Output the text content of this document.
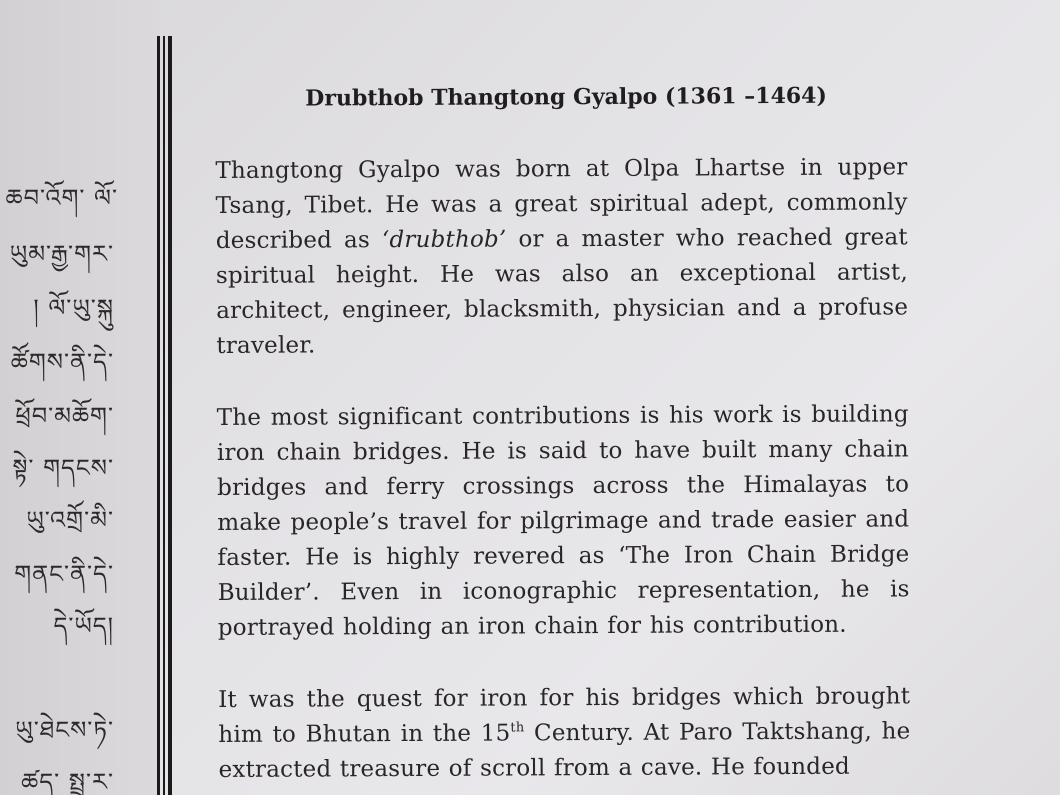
ཆབ་འོག་ ལོ་
ཡུམ་རྒྱ་གར་
། ལོ་ཡུ་སྐུ
ཚོགས་ནི་དེ་
ཕྲོབ་མཆོག་
སྟེ་ གདངས་
ཡུ་འགྲོ་མི་
གནང་ནི་དེ་
དེ་ཡོད།
ཡུ་ཐེངས་ཏེ་
ཚད་ སྤྲུ་ར་
Drubthob Thangtong Gyalpo (1361 –1464)

Thangtong Gyalpo was born at Olpa Lhartse in upper Tsang, Tibet. He was a great spiritual adept, commonly described as ‘drubthob’ or a master who reached great spiritual height. He was also an exceptional artist, architect, engineer, blacksmith, physician and a profuse traveler.

The most significant contributions is his work is building iron chain bridges. He is said to have built many chain bridges and ferry crossings across the Himalayas to make people’s travel for pilgrimage and trade easier and faster. He is highly revered as ‘The Iron Chain Bridge Builder’. Even in iconographic representation, he is portrayed holding an iron chain for his contribution.

It was the quest for iron for his bridges which brought him to Bhutan in the 15th Century. At Paro Taktshang, he extracted treasure of scroll from a cave. He founded
